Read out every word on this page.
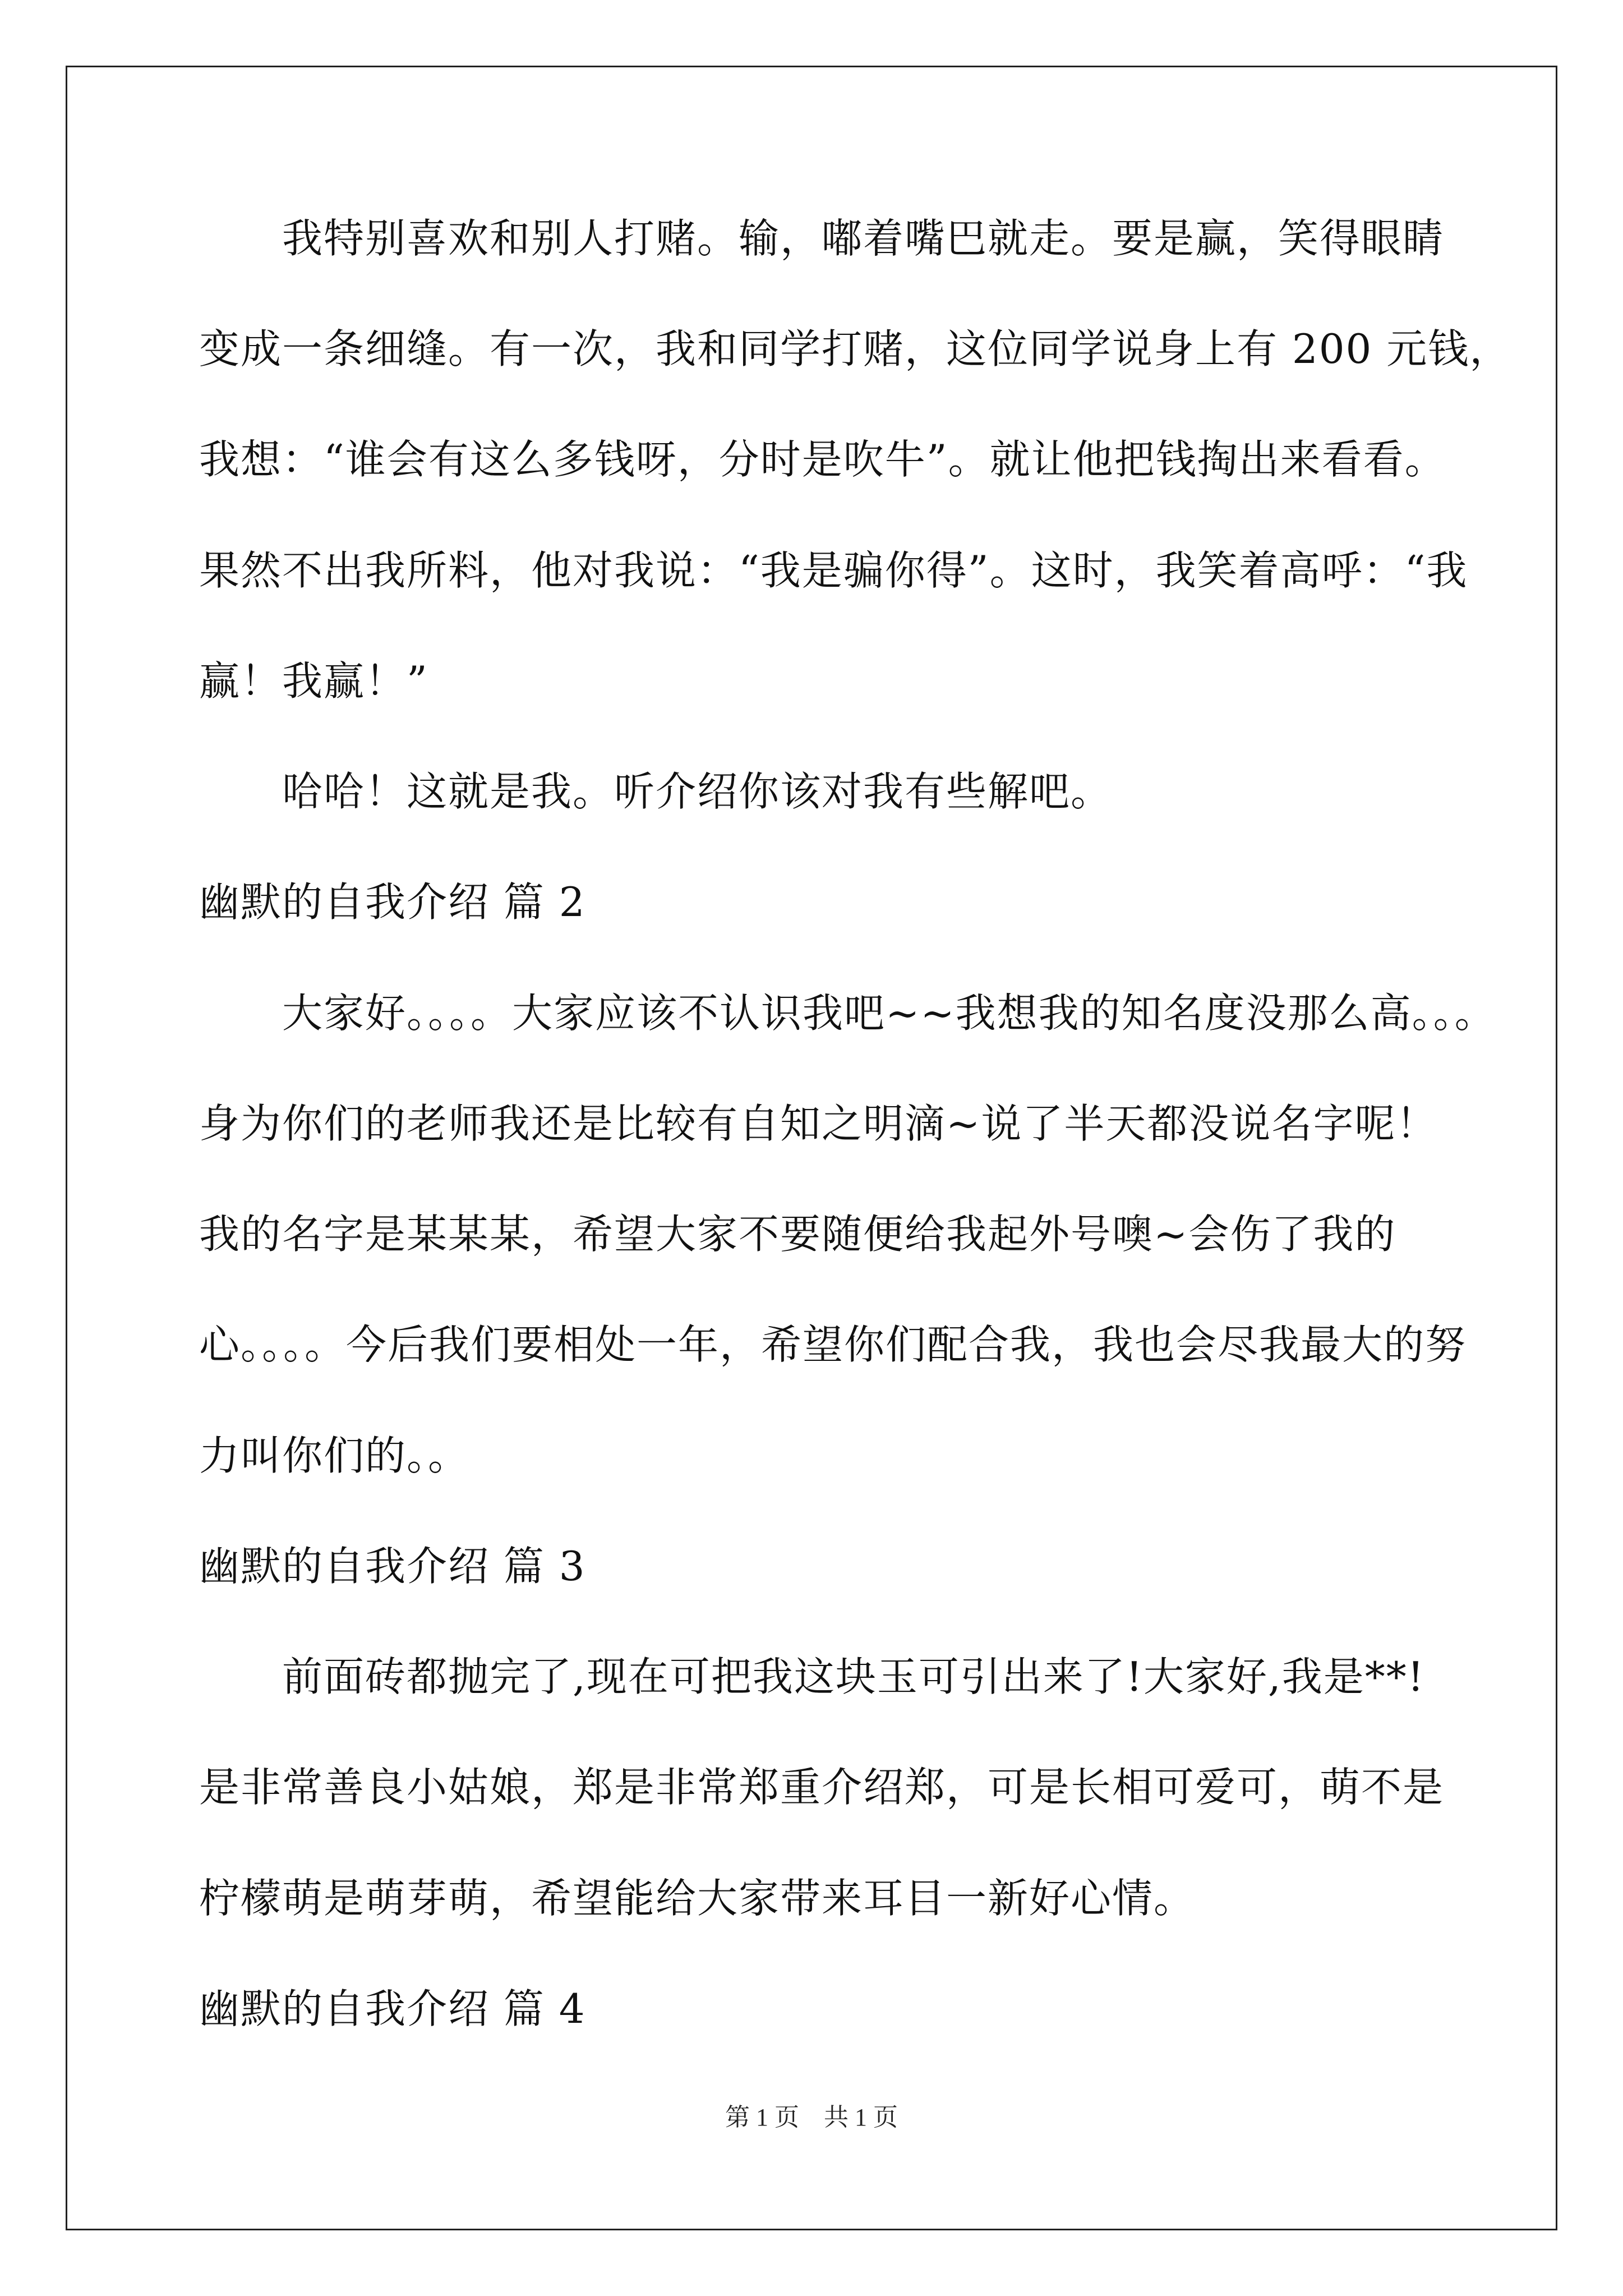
我特别喜欢和别人打赌。输，嘟着嘴巴就走。要是赢，笑得眼睛
变成一条细缝。有一次，我和同学打赌，这位同学说身上有 200 元钱，
我想：“谁会有这么多钱呀，分时是吹牛”。就让他把钱掏出来看看。
果然不出我所料，他对我说：“我是骗你得”。这时，我笑着高呼：“我
赢！我赢！”
哈哈！这就是我。听介绍你该对我有些解吧。
幽默的自我介绍 篇 2
大家好。。。。大家应该不认识我吧~~我想我的知名度没那么高。。。
身为你们的老师我还是比较有自知之明滴~说了半天都没说名字呢！
我的名字是某某某，希望大家不要随便给我起外号噢~会伤了我的
心。。。。今后我们要相处一年，希望你们配合我，我也会尽我最大的努
力叫你们的。。
幽默的自我介绍 篇 3
前面砖都抛完了,现在可把我这块玉可引出来了!大家好,我是**!
是非常善良小姑娘，郑是非常郑重介绍郑，可是长相可爱可，萌不是
柠檬萌是萌芽萌，希望能给大家带来耳目一新好心情。
幽默的自我介绍 篇 4
第 1 页　共 1 页
